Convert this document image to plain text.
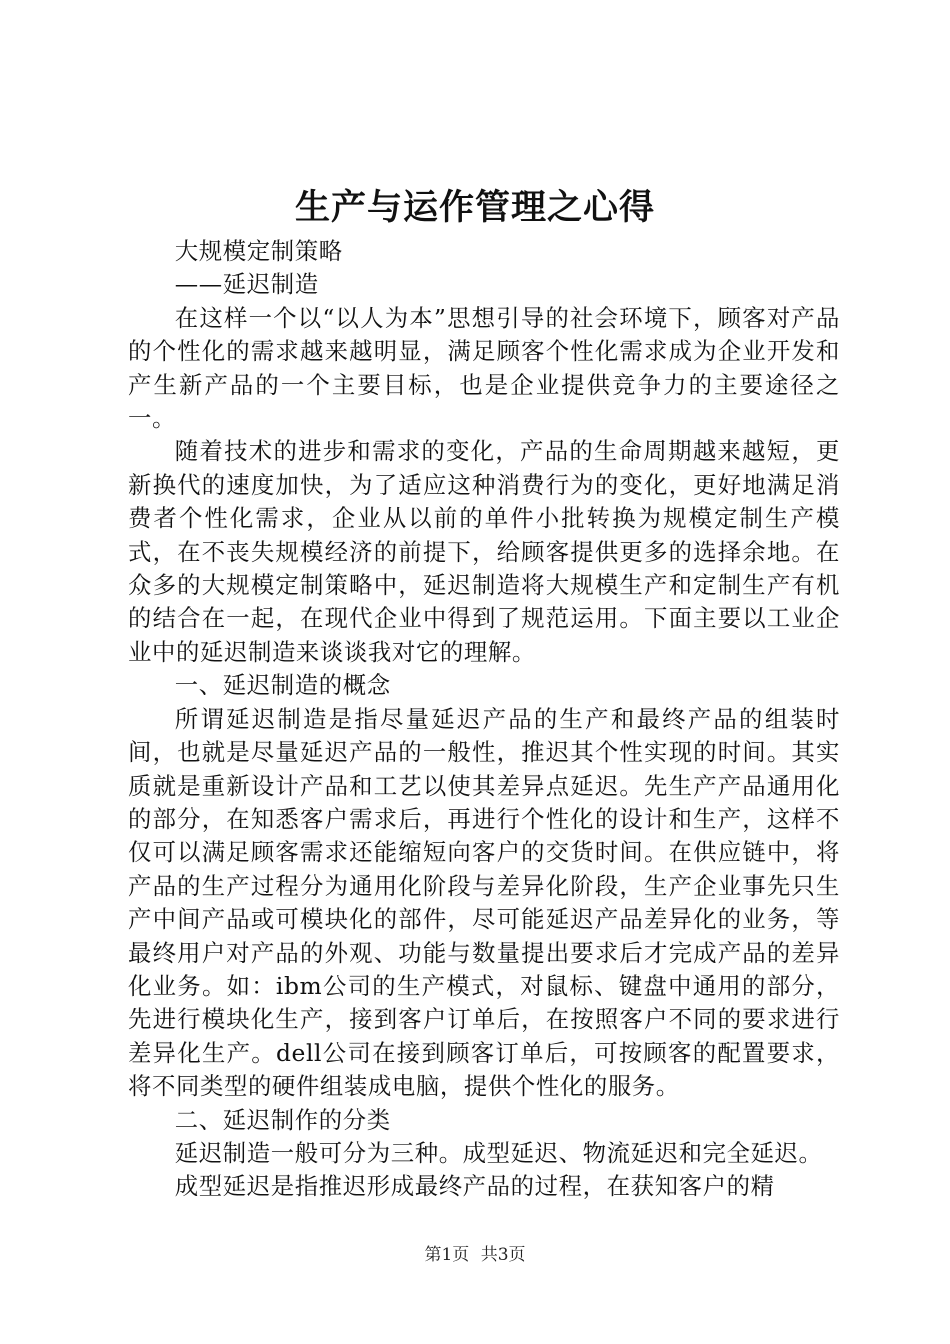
生产与运作管理之心得

大规模定制策略

——延迟制造

在这样一个以“以人为本”思想引导的社会环境下，顾客对产品的个性化的需求越来越明显，满足顾客个性化需求成为企业开发和产生新产品的一个主要目标，也是企业提供竞争力的主要途径之一。

随着技术的进步和需求的变化，产品的生命周期越来越短，更新换代的速度加快，为了适应这种消费行为的变化，更好地满足消费者个性化需求，企业从以前的单件小批转换为规模定制生产模式，在不丧失规模经济的前提下，给顾客提供更多的选择余地。在众多的大规模定制策略中，延迟制造将大规模生产和定制生产有机的结合在一起，在现代企业中得到了规范运用。下面主要以工业企业中的延迟制造来谈谈我对它的理解。

一、延迟制造的概念

所谓延迟制造是指尽量延迟产品的生产和最终产品的组装时间，也就是尽量延迟产品的一般性，推迟其个性实现的时间。其实质就是重新设计产品和工艺以使其差异点延迟。先生产产品通用化的部分，在知悉客户需求后，再进行个性化的设计和生产，这样不仅可以满足顾客需求还能缩短向客户的交货时间。在供应链中，将产品的生产过程分为通用化阶段与差异化阶段，生产企业事先只生产中间产品或可模块化的部件，尽可能延迟产品差异化的业务，等最终用户对产品的外观、功能与数量提出要求后才完成产品的差异化业务。如：ibm公司的生产模式，对鼠标、键盘中通用的部分，先进行模块化生产，接到客户订单后，在按照客户不同的要求进行差异化生产。dell公司在接到顾客订单后，可按顾客的配置要求，将不同类型的硬件组装成电脑，提供个性化的服务。

二、延迟制作的分类

延迟制造一般可分为三种。成型延迟、物流延迟和完全延迟。

成型延迟是指推迟形成最终产品的过程，在获知客户的精

第1页 共3页
